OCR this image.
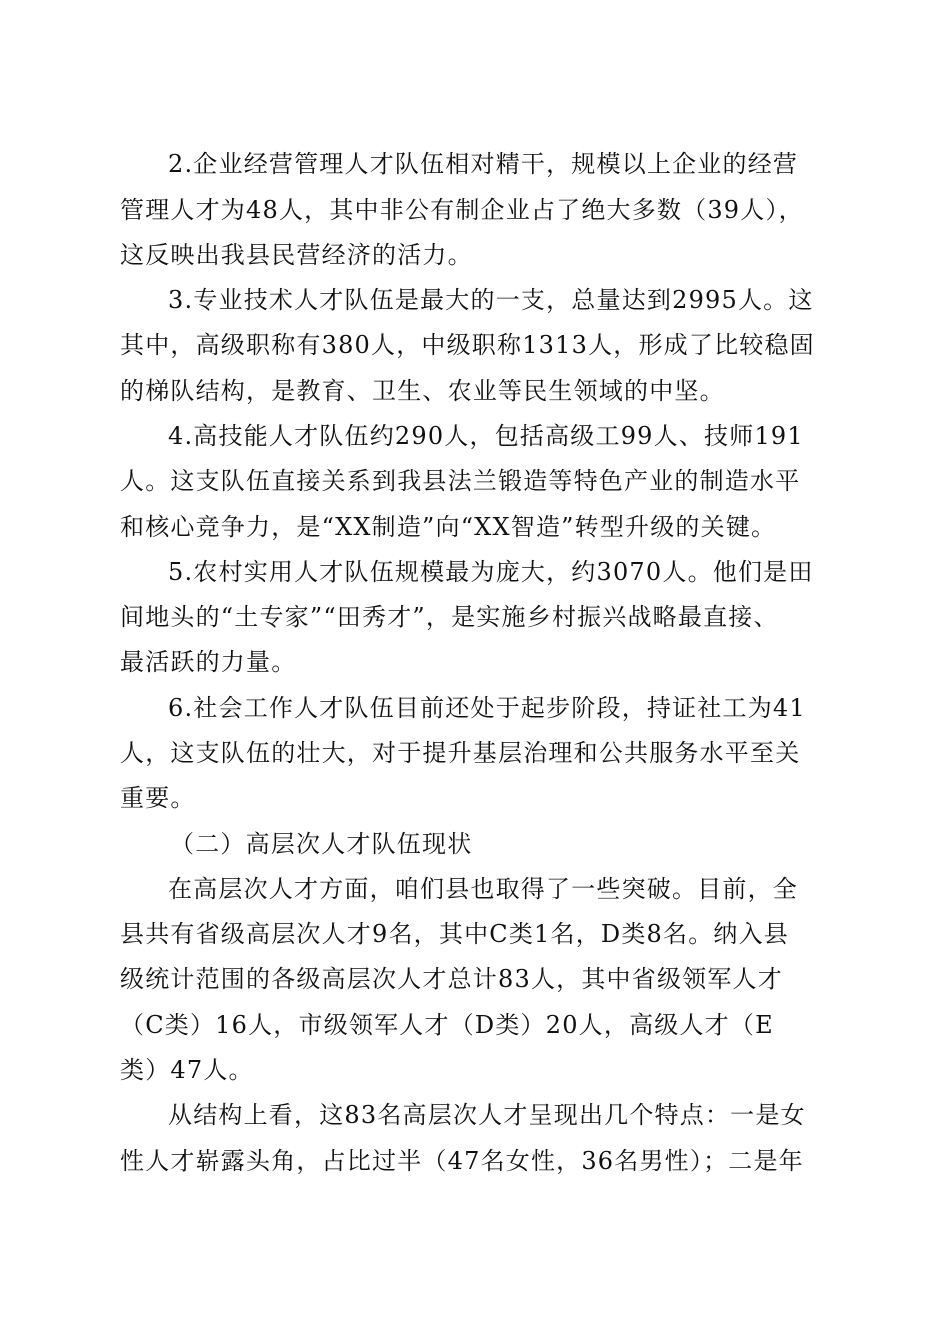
2.企业经营管理人才队伍相对精干，规模以上企业的经营
管理人才为48人，其中非公有制企业占了绝大多数（39人），
这反映出我县民营经济的活力。
3.专业技术人才队伍是最大的一支，总量达到2995人。这
其中，高级职称有380人，中级职称1313人，形成了比较稳固
的梯队结构，是教育、卫生、农业等民生领域的中坚。
4.高技能人才队伍约290人，包括高级工99人、技师191
人。这支队伍直接关系到我县法兰锻造等特色产业的制造水平
和核心竞争力，是“XX制造”向“XX智造”转型升级的关键。
5.农村实用人才队伍规模最为庞大，约3070人。他们是田
间地头的“土专家”“田秀才”，是实施乡村振兴战略最直接、
最活跃的力量。
6.社会工作人才队伍目前还处于起步阶段，持证社工为41
人，这支队伍的壮大，对于提升基层治理和公共服务水平至关
重要。
（二）高层次人才队伍现状
在高层次人才方面，咱们县也取得了一些突破。目前，全
县共有省级高层次人才9名，其中C类1名，D类8名。纳入县
级统计范围的各级高层次人才总计83人，其中省级领军人才
（C类）16人，市级领军人才（D类）20人，高级人才（E
类）47人。
从结构上看，这83名高层次人才呈现出几个特点：一是女
性人才崭露头角，占比过半（47名女性，36名男性）；二是年
